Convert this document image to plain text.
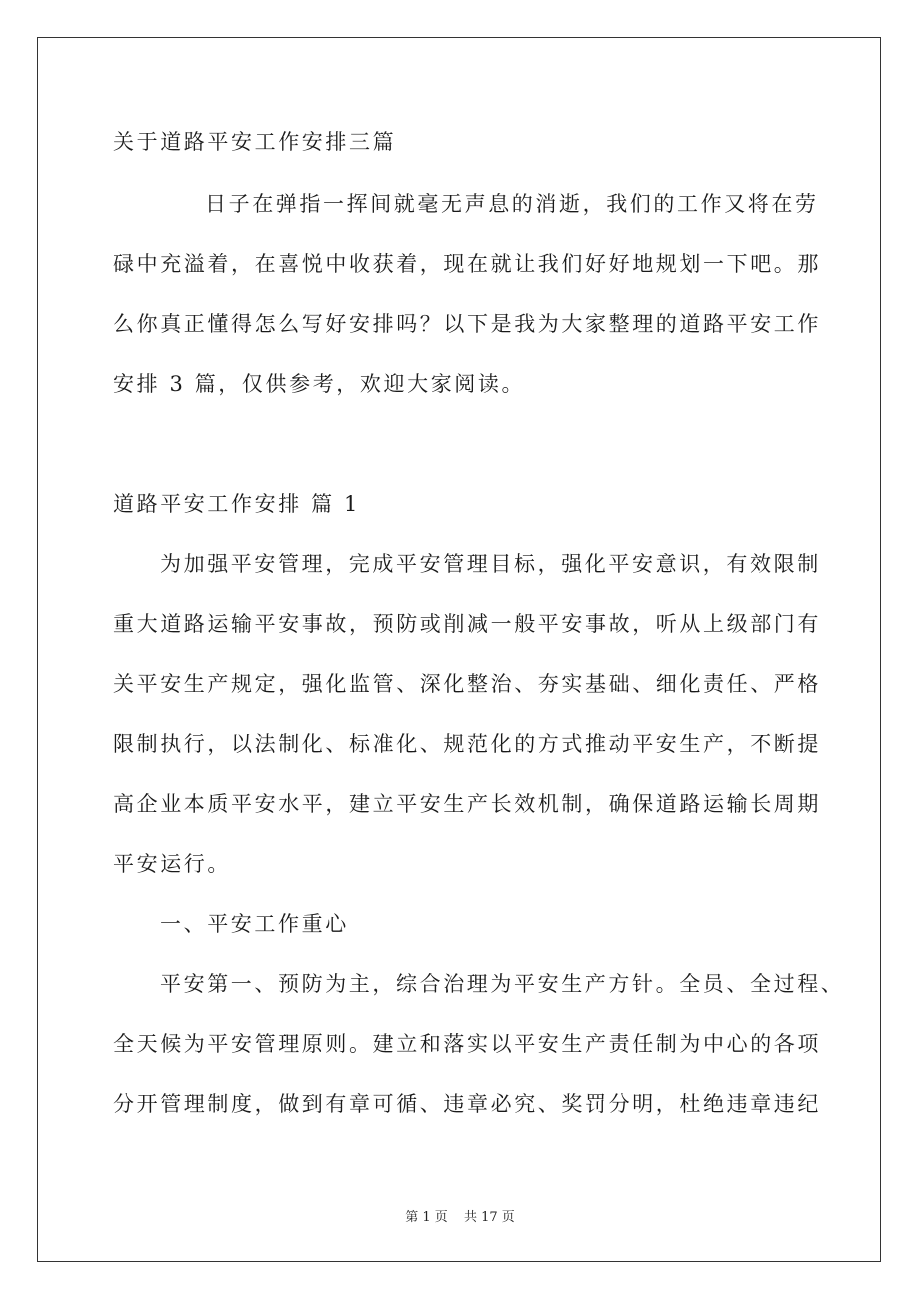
关于道路平安工作安排三篇
日子在弹指一挥间就毫无声息的消逝，我们的工作又将在劳
碌中充溢着，在喜悦中收获着，现在就让我们好好地规划一下吧。那
么你真正懂得怎么写好安排吗？以下是我为大家整理的道路平安工作
安排 3 篇，仅供参考，欢迎大家阅读。
道路平安工作安排 篇 1
为加强平安管理，完成平安管理目标，强化平安意识，有效限制
重大道路运输平安事故，预防或削减一般平安事故，听从上级部门有
关平安生产规定，强化监管、深化整治、夯实基础、细化责任、严格
限制执行，以法制化、标准化、规范化的方式推动平安生产，不断提
高企业本质平安水平，建立平安生产长效机制，确保道路运输长周期
平安运行。
一、平安工作重心
平安第一、预防为主，综合治理为平安生产方针。全员、全过程、
全天候为平安管理原则。建立和落实以平安生产责任制为中心的各项
分开管理制度，做到有章可循、违章必究、奖罚分明，杜绝违章违纪
第 1 页 共 17 页
